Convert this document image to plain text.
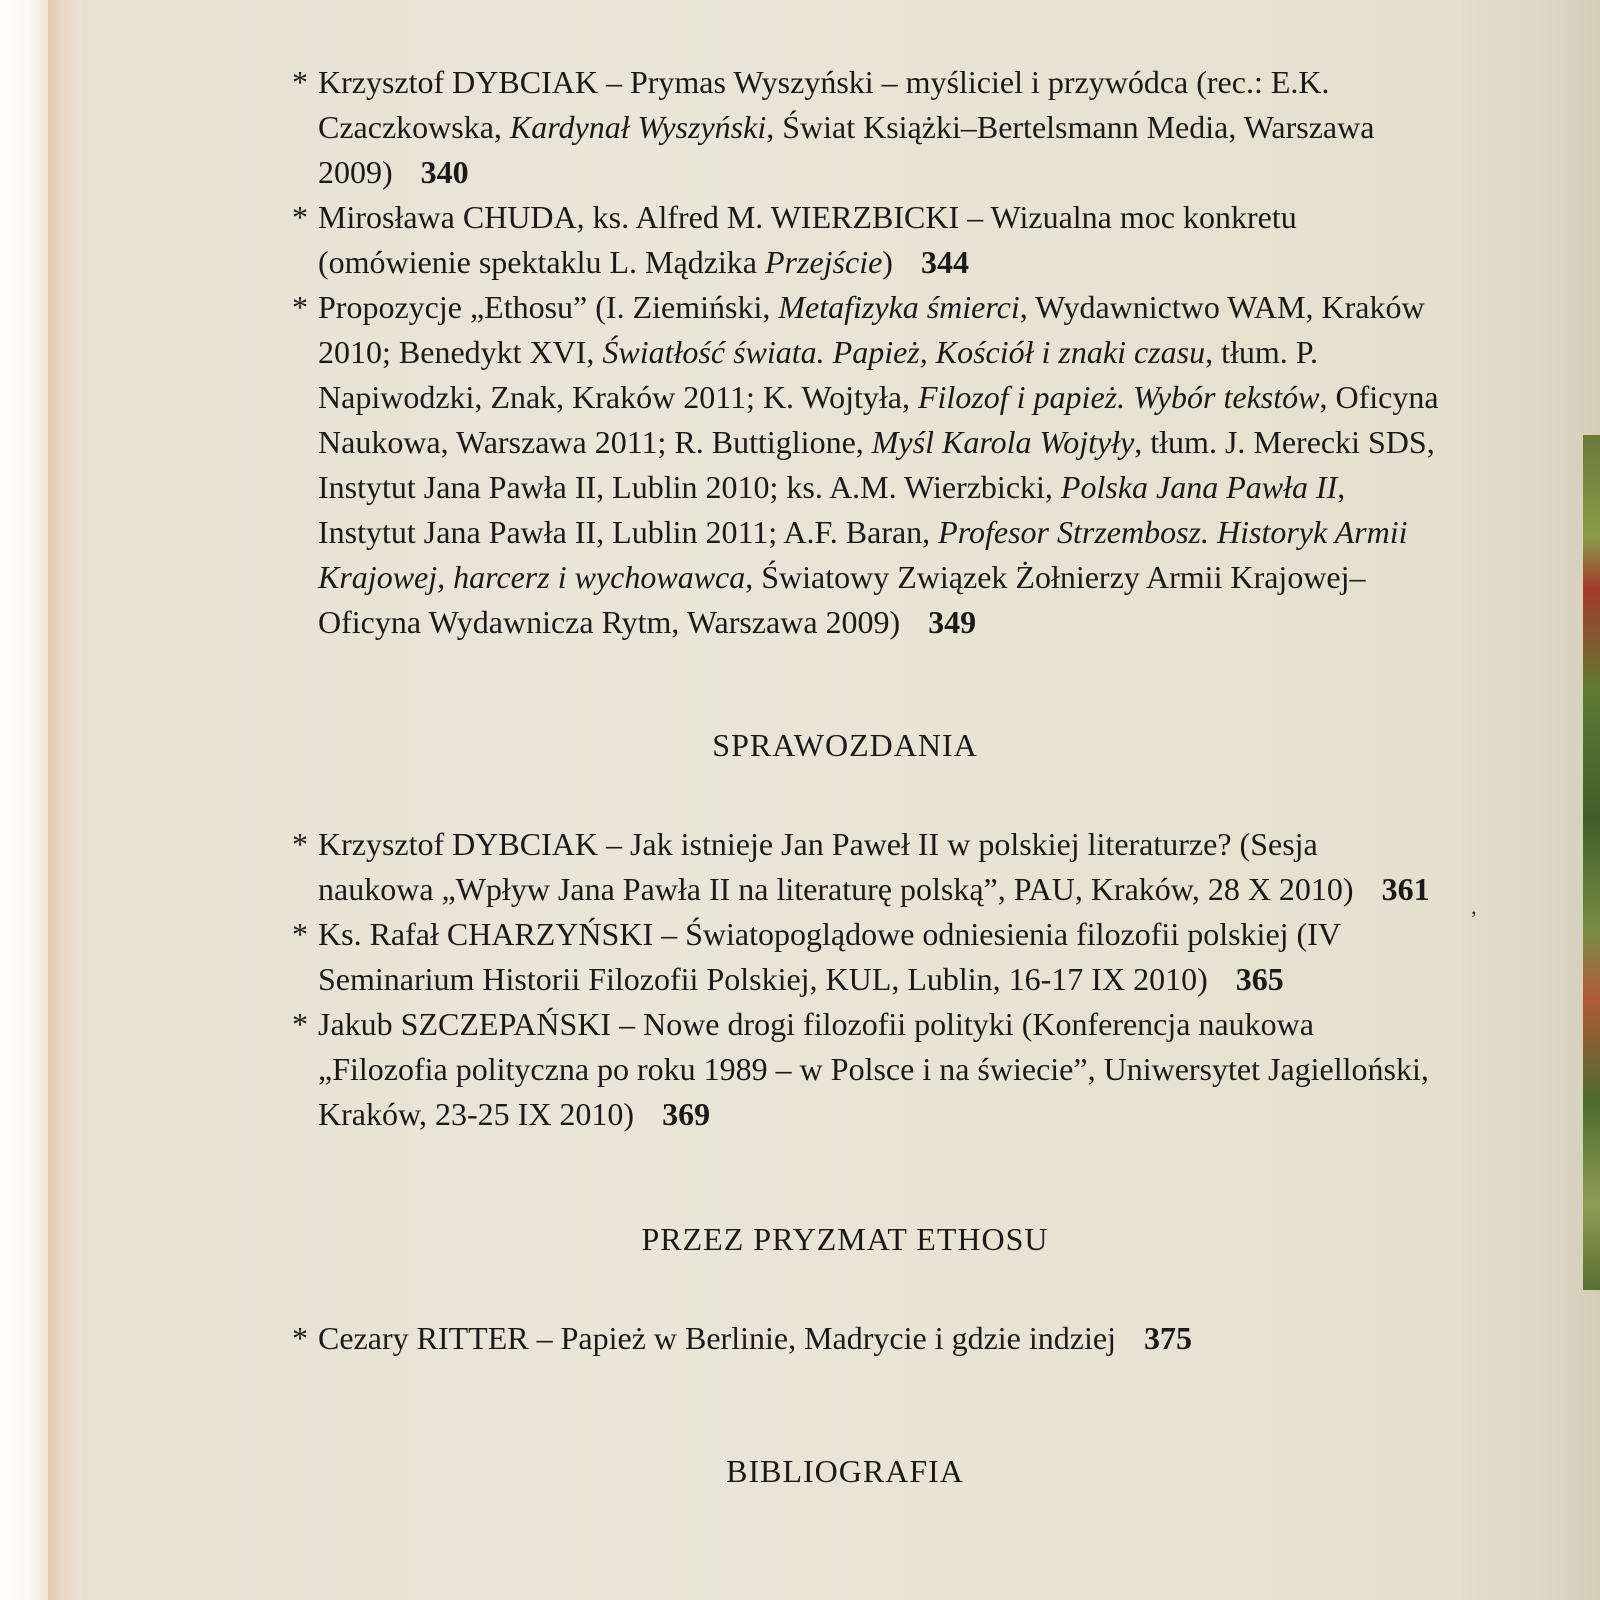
’
* Krzysztof DYBCIAK – Prymas Wyszyński – myśliciel i przywódca (rec.: E.K. Czaczkowska, Kardynał Wyszyński, Świat Książki–Bertelsmann Media, Warszawa 2009) 340
* Mirosława CHUDA, ks. Alfred M. WIERZBICKI – Wizualna moc konkretu (omówienie spektaklu L. Mądzika Przejście) 344
* Propozycje „Ethosu” (I. Ziemiński, Metafizyka śmierci, Wydawnictwo WAM, Kraków 2010; Benedykt XVI, Światłość świata. Papież, Kościół i znaki czasu, tłum. P. Napiwodzki, Znak, Kraków 2011; K. Wojtyła, Filozof i papież. Wybór tekstów, Oficyna Naukowa, Warszawa 2011; R. Buttiglione, Myśl Karola Wojtyły, tłum. J. Merecki SDS, Instytut Jana Pawła II, Lublin 2010; ks. A.M. Wierzbicki, Polska Jana Pawła II, Instytut Jana Pawła II, Lublin 2011; A.F. Baran, Profesor Strzembosz. Historyk Armii Krajowej, harcerz i wychowawca, Światowy Związek Żołnierzy Armii Krajowej–Oficyna Wydawnicza Rytm, Warszawa 2009) 349
SPRAWOZDANIA
* Krzysztof DYBCIAK – Jak istnieje Jan Paweł II w polskiej literaturze? (Sesja naukowa „Wpływ Jana Pawła II na literaturę polską”, PAU, Kraków, 28 X 2010) 361
* Ks. Rafał CHARZYŃSKI – Światopoglądowe odniesienia filozofii polskiej (IV Seminarium Historii Filozofii Polskiej, KUL, Lublin, 16-17 IX 2010) 365
* Jakub SZCZEPAŃSKI – Nowe drogi filozofii polityki (Konferencja naukowa „Filozofia polityczna po roku 1989 – w Polsce i na świecie”, Uniwersytet Jagielloński, Kraków, 23-25 IX 2010) 369
PRZEZ PRYZMAT ETHOSU
* Cezary RITTER – Papież w Berlinie, Madrycie i gdzie indziej 375
BIBLIOGRAFIA
